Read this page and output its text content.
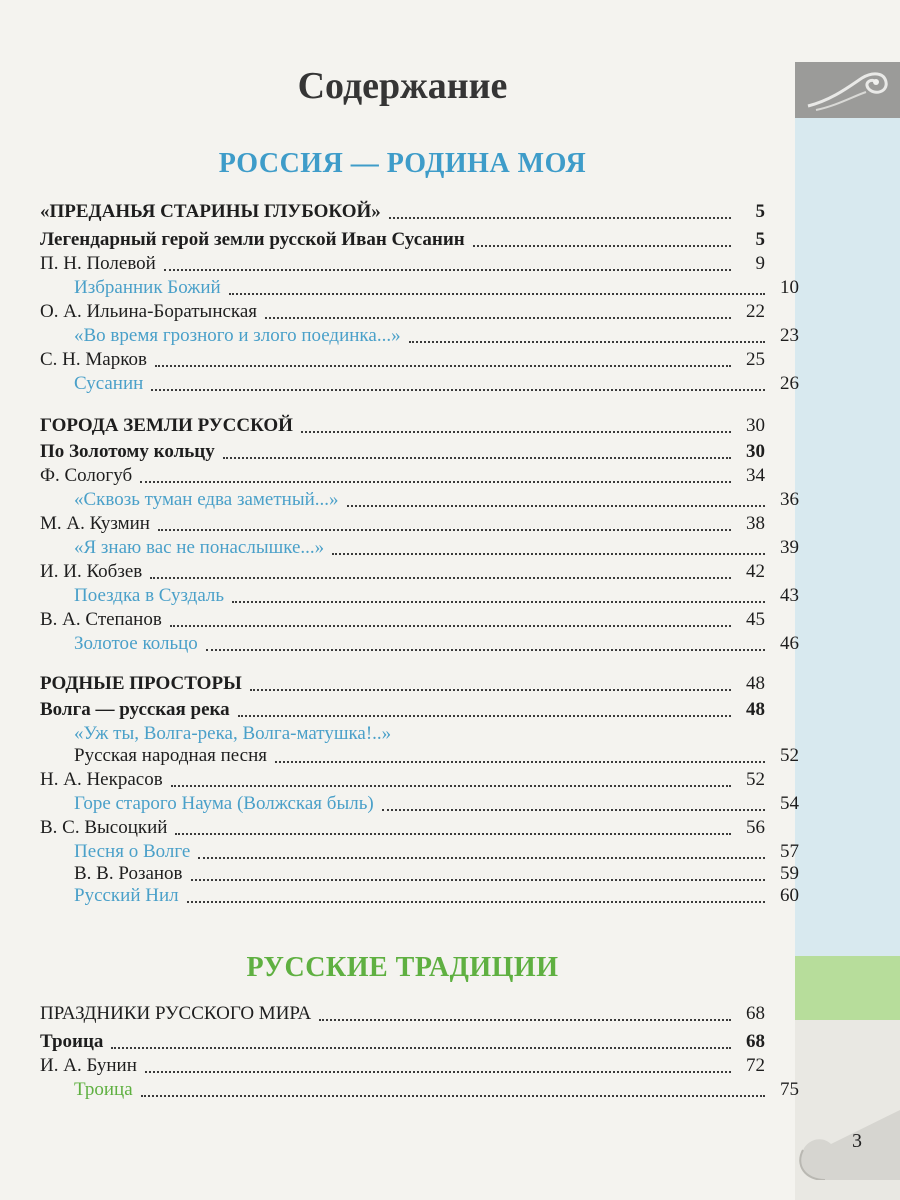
3
Содержание
РОССИЯ — РОДИНА МОЯ
РУССКИЕ ТРАДИЦИИ
«ПРЕДАНЬЯ СТАРИНЫ ГЛУБОКОЙ»	5
Легендарный герой земли русской Иван Сусанин	5
П. Н. Полевой	9
Избранник Божий	10
О. А. Ильина-Боратынская	22
«Во время грозного и злого поединка...»	23
С. Н. Марков	25
Сусанин	26
ГОРОДА ЗЕМЛИ РУССКОЙ	30
По Золотому кольцу	30
Ф. Сологуб	34
«Сквозь туман едва заметный...»	36
М. А. Кузмин	38
«Я знаю вас не понаслышке...»	39
И. И. Кобзев	42
Поездка в Суздаль	43
В. А. Степанов	45
Золотое кольцо	46
РОДНЫЕ ПРОСТОРЫ	48
Волга — русская река	48
«Уж ты, Волга-река, Волга-матушка!..»
Русская народная песня	52
Н. А. Некрасов	52
Горе старого Наума (Волжская быль)	54
В. С. Высоцкий	56
Песня о Волге	57
В. В. Розанов	59
Русский Нил	60
ПРАЗДНИКИ РУССКОГО МИРА	68
Троица	68
И. А. Бунин	72
Троица	75
